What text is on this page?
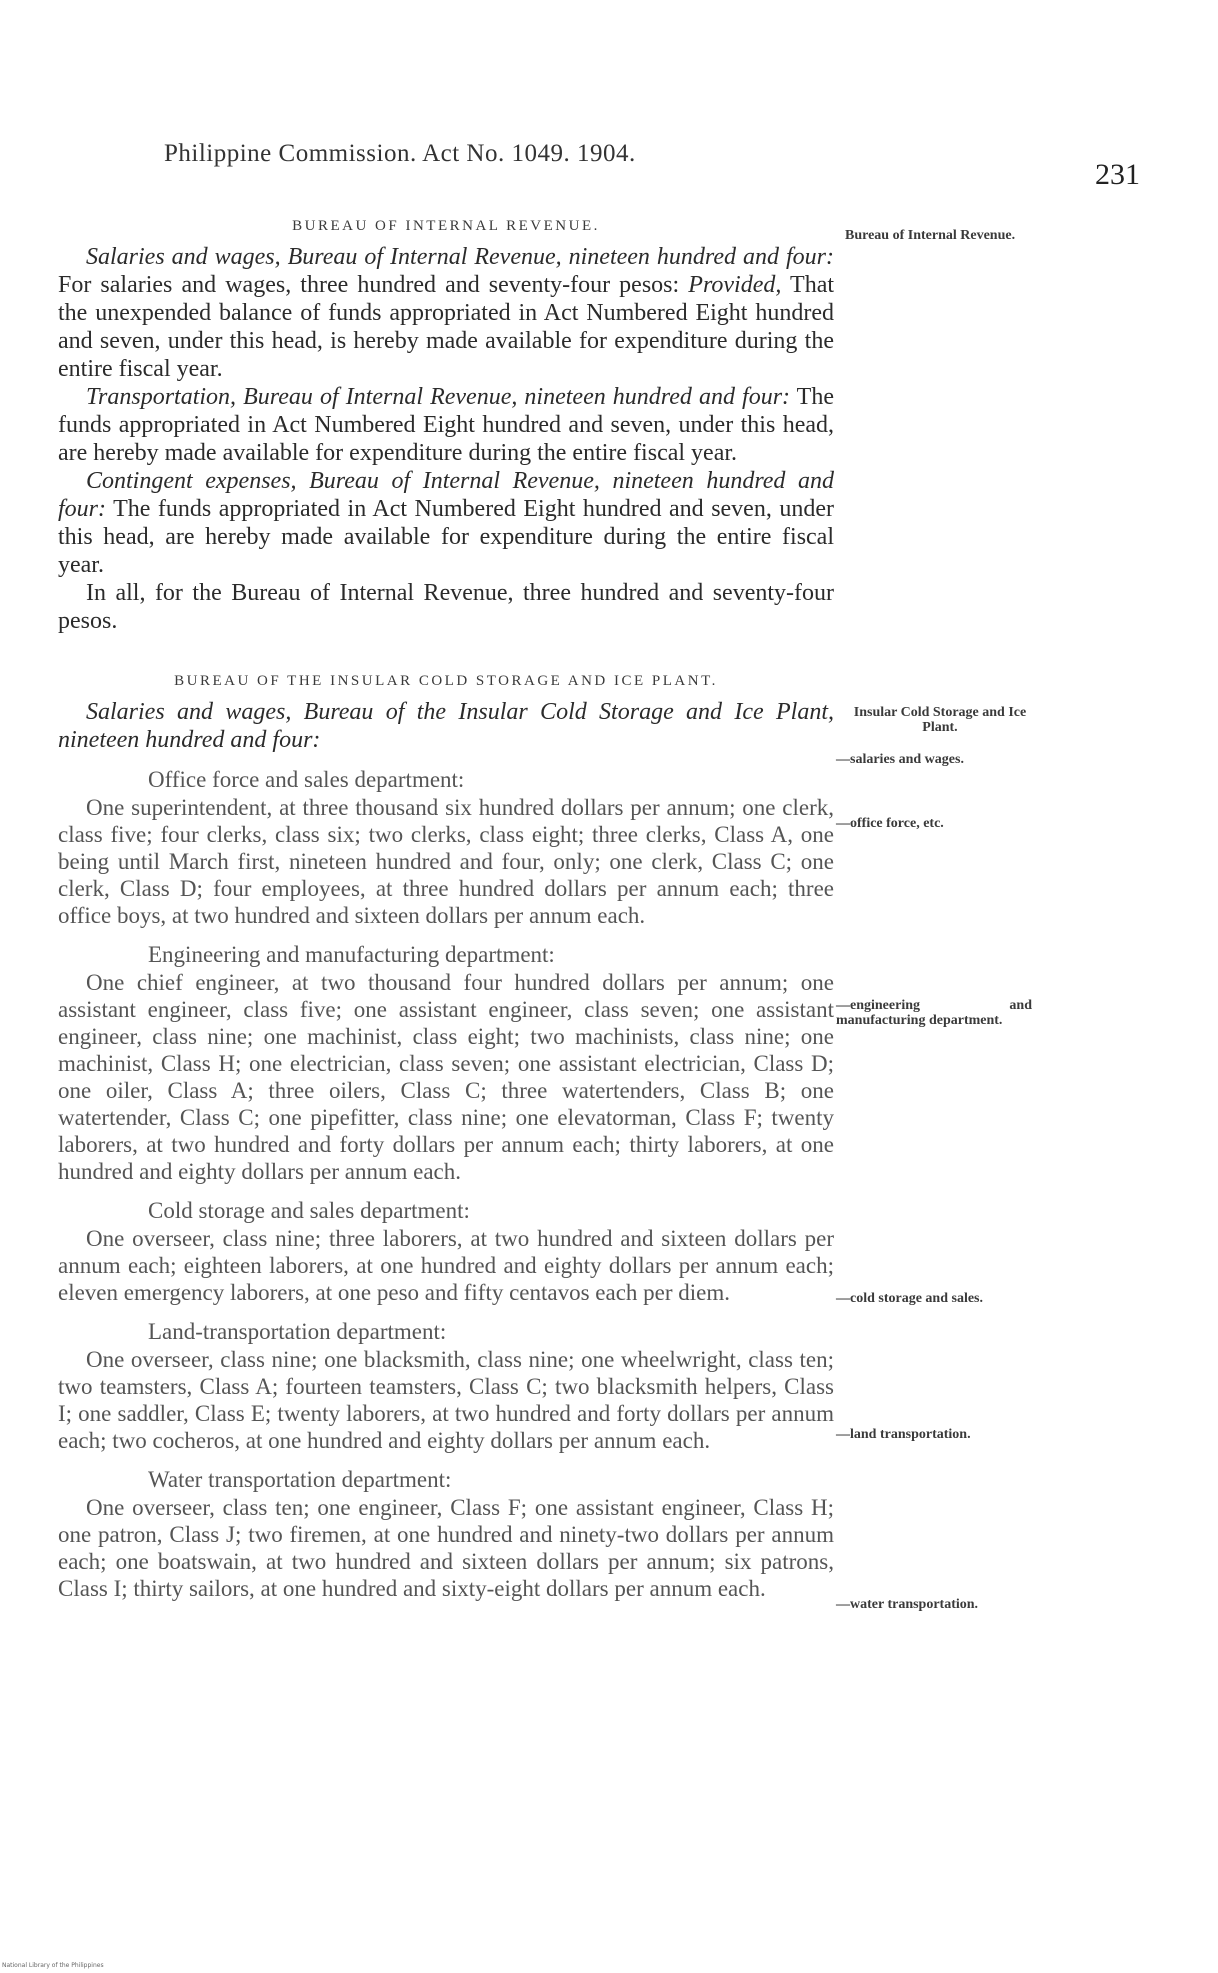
Philippine Commission. Act No. 1049. 1904.
231
BUREAU OF INTERNAL REVENUE.

Salaries and wages, Bureau of Internal Revenue, nineteen hundred and four: For salaries and wages, three hundred and seventy-four pesos: Provided, That the unexpended balance of funds appropriated in Act Numbered Eight hundred and seven, under this head, is hereby made available for expenditure during the entire fiscal year.

Transportation, Bureau of Internal Revenue, nineteen hundred and four: The funds appropriated in Act Numbered Eight hundred and seven, under this head, are hereby made available for expenditure during the entire fiscal year.

Contingent expenses, Bureau of Internal Revenue, nineteen hundred and four: The funds appropriated in Act Numbered Eight hundred and seven, under this head, are hereby made available for expenditure during the entire fiscal year.

In all, for the Bureau of Internal Revenue, three hundred and seventy-four pesos.

BUREAU OF THE INSULAR COLD STORAGE AND ICE PLANT.

Salaries and wages, Bureau of the Insular Cold Storage and Ice Plant, nineteen hundred and four:

Office force and sales department:

One superintendent, at three thousand six hundred dollars per annum; one clerk, class five; four clerks, class six; two clerks, class eight; three clerks, Class A, one being until March first, nineteen hundred and four, only; one clerk, Class C; one clerk, Class D; four employees, at three hundred dollars per annum each; three office boys, at two hundred and sixteen dollars per annum each.

Engineering and manufacturing department:

One chief engineer, at two thousand four hundred dollars per annum; one assistant engineer, class five; one assistant engineer, class seven; one assistant engineer, class nine; one machinist, class eight; two machinists, class nine; one machinist, Class H; one electrician, class seven; one assistant electrician, Class D; one oiler, Class A; three oilers, Class C; three watertenders, Class B; one watertender, Class C; one pipefitter, class nine; one elevatorman, Class F; twenty laborers, at two hundred and forty dollars per annum each; thirty laborers, at one hundred and eighty dollars per annum each.

Cold storage and sales department:

One overseer, class nine; three laborers, at two hundred and sixteen dollars per annum each; eighteen laborers, at one hundred and eighty dollars per annum each; eleven emergency laborers, at one peso and fifty centavos each per diem.

Land-transportation department:

One overseer, class nine; one blacksmith, class nine; one wheelwright, class ten; two teamsters, Class A; fourteen teamsters, Class C; two blacksmith helpers, Class I; one saddler, Class E; twenty laborers, at two hundred and forty dollars per annum each; two cocheros, at one hundred and eighty dollars per annum each.

Water transportation department:

One overseer, class ten; one engineer, Class F; one assistant engineer, Class H; one patron, Class J; two firemen, at one hundred and ninety-two dollars per annum each; one boatswain, at two hundred and sixteen dollars per annum; six patrons, Class I; thirty sailors, at one hundred and sixty-eight dollars per annum each.

Bureau of Internal Revenue.
Insular Cold Storage and Ice Plant.
—salaries and wages.
—office force, etc.
—engineering and manufacturing department.
—cold storage and sales.
—land transportation.
—water transportation.
National Library of the Philippines
